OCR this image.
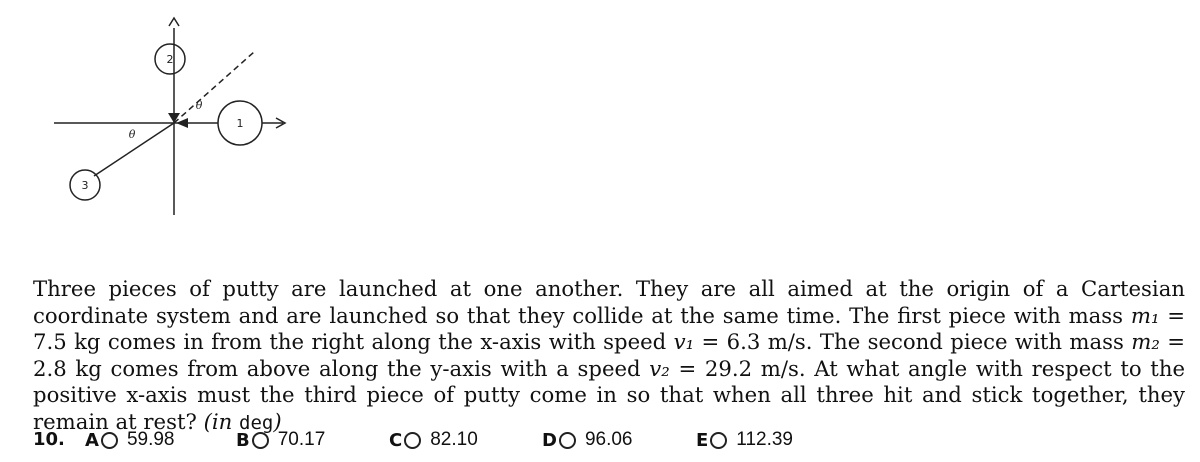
1
2
3
θ
θ
Three pieces of putty are launched at one another. They are all aimed at the origin of a Cartesian coordinate system and are launched so that they collide at the same time. The first piece with mass m₁ = 7.5 kg comes in from the right along the x-axis with speed v₁ = 6.3 m/s. The second piece with mass m₂ = 2.8 kg comes from above along the y-axis with a speed v₂ = 29.2 m/s. At what angle with respect to the positive x-axis must the third piece of putty come in so that when all three hit and stick together, they remain at rest? (in deg)
10. A 59.98	B 70.17	C 82.10	D 96.06	E 112.39
